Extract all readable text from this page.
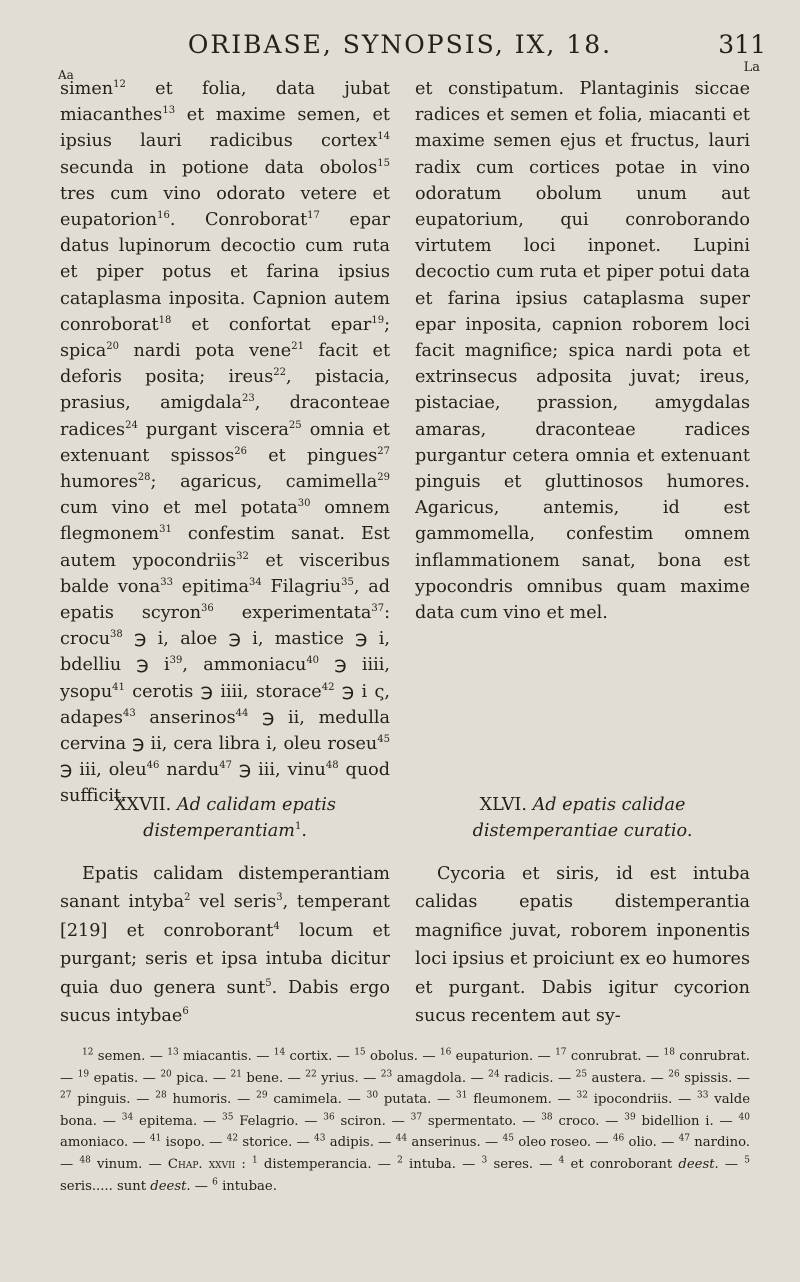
ORIBASE, SYNOPSIS, IX, 18.	311
Aa	La

simen$^{12}$ et folia, data jubat miacanthes$^{13}$ et maxime semen, et ipsius lauri radicibus cortex$^{14}$ secunda in potione data obolos$^{15}$ tres cum vino odorato vetere et eupatorion$^{16}$. Conroborat$^{17}$ epar datus lupinorum decoctio cum ruta et piper potus et farina ipsius cataplasma inposita. Capnion autem conroborat$^{18}$ et confortat epar$^{19}$; spica$^{20}$ nardi pota vene$^{21}$ facit et deforis posita; ireus$^{22}$, pistacia, prasius, amigdala$^{23}$, draconteae radices$^{24}$ purgant viscera$^{25}$ omnia et extenuant spissos$^{26}$ et pingues$^{27}$ humores$^{28}$; agaricus, camimella$^{29}$ cum vino et mel potata$^{30}$ omnem flegmonem$^{31}$ confestim sanat. Est autem ypocondriis$^{32}$ et visceribus balde vona$^{33}$ epitima$^{34}$ Filagriu$^{35}$, ad epatis scyron$^{36}$ experimentata$^{37}$: crocu$^{38}$ ℈ i, aloe ℈ i, mastice ℈ i, bdelliu ℈ $i^{39}$, ammoniacu$^{40}$ ℈ iiii, ysopu$^{41}$ cerotis ℈ iiii, storace$^{42}$ ℈ i ς, adapes$^{43}$ anserinos$^{44}$ ℈ ii, medulla cervina ℈ ii, cera libra i, oleu roseu$^{45}$ ℈ iii, oleu$^{46}$ nardu$^{47}$ ℈ iii, vinu$^{48}$ quod sufficit.

et constipatum. Plantaginis siccae radices et semen et folia, miacanti et maxime semen ejus et fructus, lauri radix cum cortices potae in vino odoratum obolum unum aut eupatorium, qui conroborando virtutem loci inponet. Lupini decoctio cum ruta et piper potui data et farina ipsius cataplasma super epar inposita, capnion roborem loci facit magnifice; spica nardi pota et extrinsecus adposita juvat; ireus, pistaciae, prassion, amygdalas amaras, draconteae radices purgantur cetera omnia et extenuant pinguis et gluttinosos humores. Agaricus, antemis, id est gammomella, confestim omnem inflammationem sanat, bona est ypocondris omnibus quam maxime data cum vino et mel.

XXVII. Ad calidam epatis distemperantiam$^1$.
XLVI. Ad epatis calidae distemperantiae curatio.

Epatis calidam distemperantiam sanant intyba$^2$ vel seris$^3$, temperant [219] et conroborant$^4$ locum et purgant; seris et ipsa intuba dicitur quia duo genera sunt$^5$. Dabis ergo sucus intybae$^6$

Cycoria et siris, id est intuba calidas epatis distemperantia magnifice juvat, roborem inponentis loci ipsius et proiciunt ex eo humores et purgant. Dabis igitur cycorion sucus recentem aut sy-

$^{12}$ semen. — $^{13}$ miacantis. — $^{14}$ cortix. — $^{15}$ obolus. — $^{16}$ eupaturion. — $^{17}$ conrubrat. — $^{18}$ conrubrat. — $^{19}$ epatis. — $^{20}$ pica. — $^{21}$ bene. — $^{22}$ yrius. — $^{23}$ amagdola. — $^{24}$ radicis. — $^{25}$ austera. — $^{26}$ spissis. — $^{27}$ pinguis. — $^{28}$ humoris. — $^{29}$ camimela. — $^{30}$ putata. — $^{31}$ fleumonem. — $^{32}$ ipocondriis. — $^{33}$ valde bona. — $^{34}$ epitema. — $^{35}$ Felagrio. — $^{36}$ sciron. — $^{37}$ spermentato. — $^{38}$ croco. — $^{39}$ bidellion i. — $^{40}$ amoniaco. — $^{41}$ isopo. — $^{42}$ storice. — $^{43}$ adipis. — $^{44}$ anserinus. — $^{45}$ oleo roseo. — $^{46}$ olio. — $^{47}$ nardino. — $^{48}$ vinum. — Chap. xxvii : $^1$ distemperancia. — $^2$ intuba. — $^3$ seres. — $^4$ et conroborant deest. — $^5$ seris..... sunt deest. — $^6$ intubae.
